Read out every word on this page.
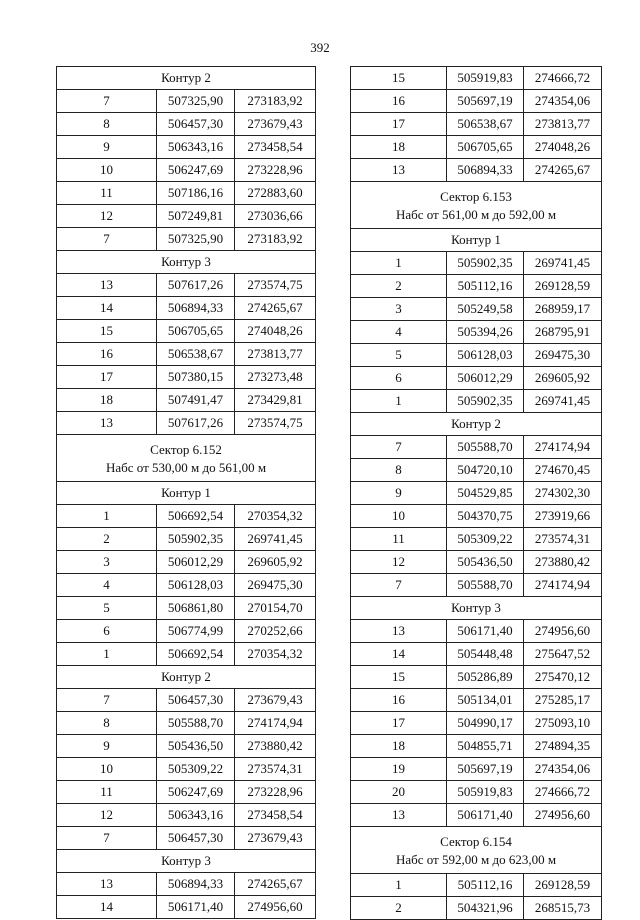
392
Контур 2		
7	507325,90	273183,92
8	506457,30	273679,43
9	506343,16	273458,54
10	506247,69	273228,96
11	507186,16	272883,60
12	507249,81	273036,66
7	507325,90	273183,92
Контур 3		
13	507617,26	273574,75
14	506894,33	274265,67
15	506705,65	274048,26
16	506538,67	273813,77
17	507380,15	273273,48
18	507491,47	273429,81
13	507617,26	273574,75

Сектор 6.152
Набс от 530,00 м до 561,00 м		

Контур 1		
1	506692,54	270354,32
2	505902,35	269741,45
3	506012,29	269605,92
4	506128,03	269475,30
5	506861,80	270154,70
6	506774,99	270252,66
1	506692,54	270354,32
Контур 2		
7	506457,30	273679,43
8	505588,70	274174,94
9	505436,50	273880,42
10	505309,22	273574,31
11	506247,69	273228,96
12	506343,16	273458,54
7	506457,30	273679,43
Контур 3		
13	506894,33	274265,67
14	506171,40	274956,60
15	505919,83	274666,72
16	505697,19	274354,06
17	506538,67	273813,77
18	506705,65	274048,26
13	506894,33	274265,67

Сектор 6.153
Набс от 561,00 м до 592,00 м		

Контур 1		
1	505902,35	269741,45
2	505112,16	269128,59
3	505249,58	268959,17
4	505394,26	268795,91
5	506128,03	269475,30
6	506012,29	269605,92
1	505902,35	269741,45
Контур 2		
7	505588,70	274174,94
8	504720,10	274670,45
9	504529,85	274302,30
10	504370,75	273919,66
11	505309,22	273574,31
12	505436,50	273880,42
7	505588,70	274174,94
Контур 3		
13	506171,40	274956,60
14	505448,48	275647,52
15	505286,89	275470,12
16	505134,01	275285,17
17	504990,17	275093,10
18	504855,71	274894,35
19	505697,19	274354,06
20	505919,83	274666,72
13	506171,40	274956,60

Сектор 6.154
Набс от 592,00 м до 623,00 м		

1	505112,16	269128,59
2	504321,96	268515,73
